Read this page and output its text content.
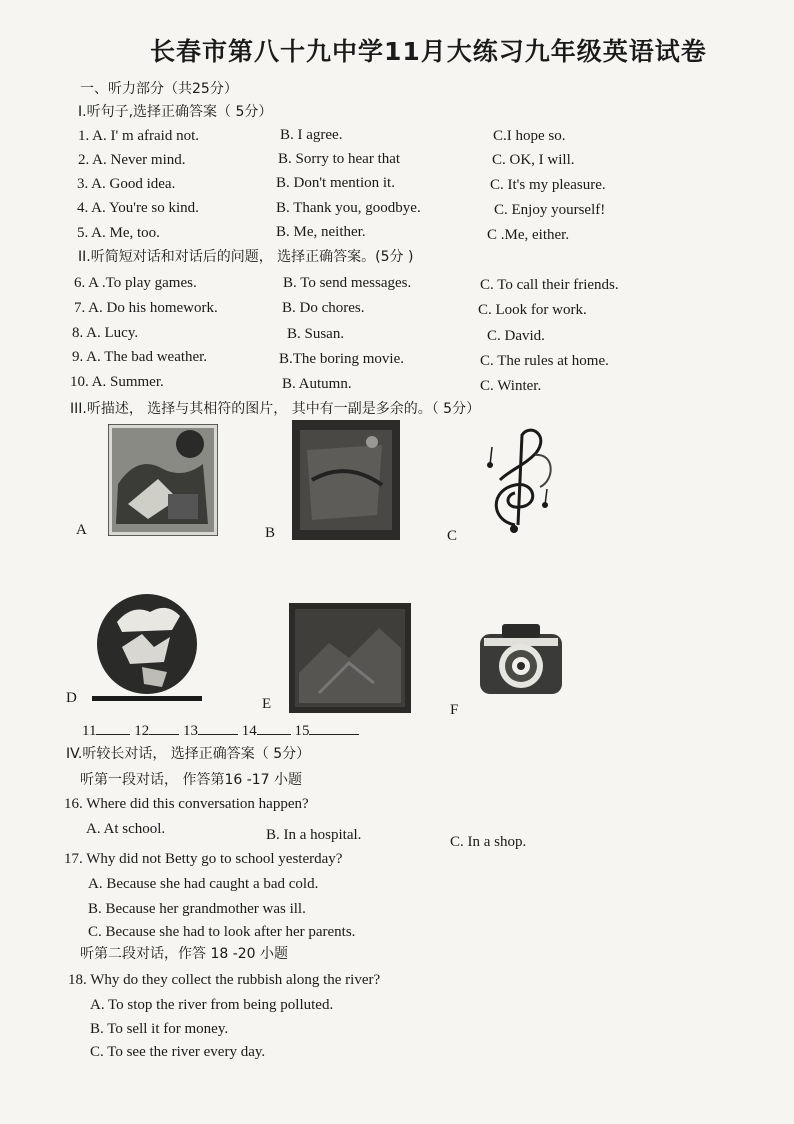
长春市第八十九中学11月大练习九年级英语试卷
一、听力部分（共25分）
I.听句子,选择正确答案（ 5分）
1. A. I' m afraid not.	B. I agree.	C.I hope so.
2. A. Never mind.	B. Sorry to hear that	C. OK, I will.
3. A. Good idea.	B. Don't mention it.	C. It's my pleasure.
4. A. You're so kind.	B. Thank you, goodbye.	C. Enjoy yourself!
5. A. Me, too.	B. Me, neither.	C .Me, either.
II.听简短对话和对话后的问题， 选择正确答案。(5分 )
6. A .To play games.	B. To send messages.	C. To call their friends.
7. A. Do his homework.	B. Do chores.	C. Look for work.
8. A. Lucy.	B. Susan.	C. David.
9. A. The bad weather.	B.The boring movie.	C. The rules at home.
10. A. Summer.	B. Autumn.	C. Winter.
III.听描述， 选择与其相符的图片， 其中有一副是多余的。（ 5分）
A	B	C
D	E	F
11	12 13	14	15
IV.听较长对话， 选择正确答案（ 5分）
听第一段对话， 作答第16 -17 小题
16. Where did this conversation happen?
A. At school.	B. In a hospital.	C. In a shop.
17. Why did not Betty go to school yesterday?
A. Because she had caught a bad cold.
B. Because her grandmother was ill.
C. Because she had to look after her parents.
听第二段对话，作答 18 -20 小题
18. Why do they collect the rubbish along the river?
A. To stop the river from being polluted.
B. To sell it for money.
C. To see the river every day.
